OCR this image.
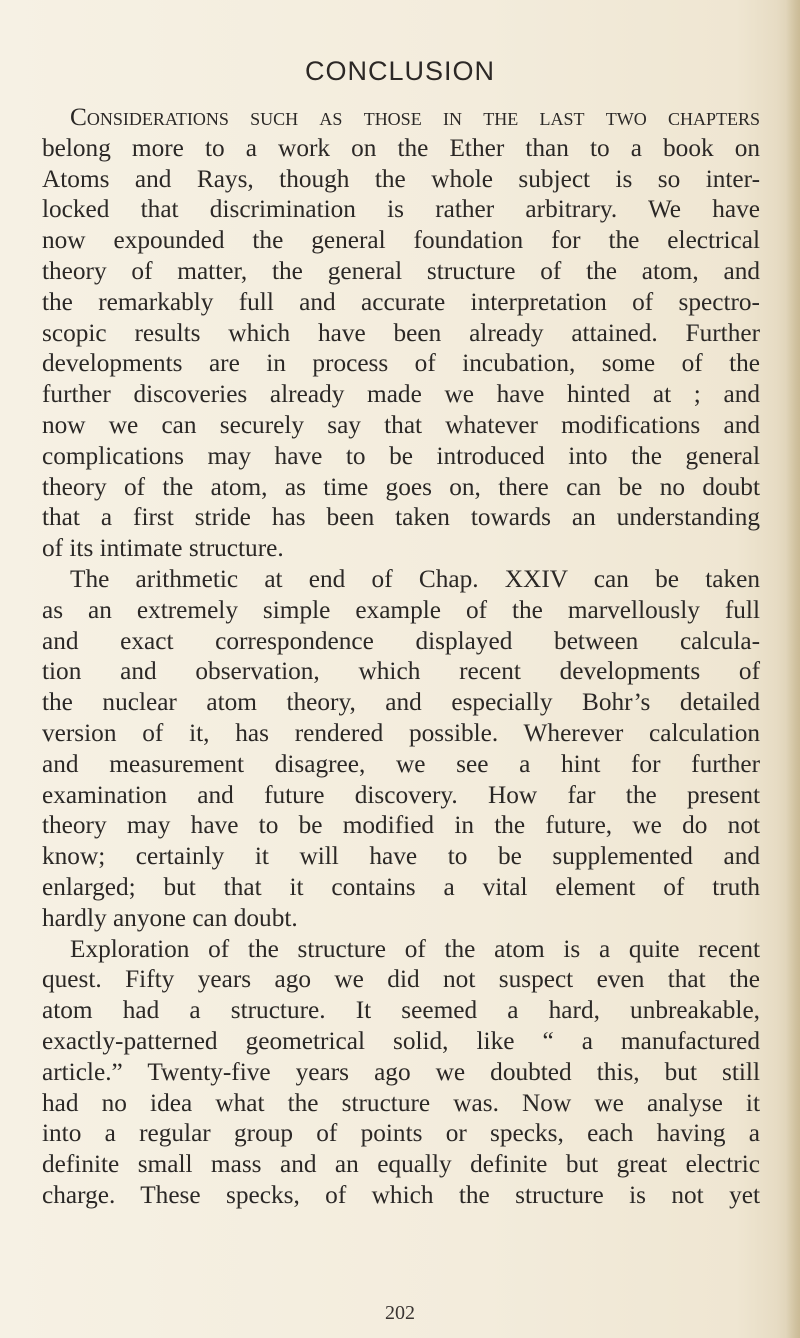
CONCLUSION

Considerations such as those in the last two chapters
belong more to a work on the Ether than to a book on
Atoms and Rays, though the whole subject is so inter-
locked that discrimination is rather arbitrary. We have
now expounded the general foundation for the electrical
theory of matter, the general structure of the atom, and
the remarkably full and accurate interpretation of spectro-
scopic results which have been already attained. Further
developments are in process of incubation, some of the
further discoveries already made we have hinted at ; and
now we can securely say that whatever modifications and
complications may have to be introduced into the general
theory of the atom, as time goes on, there can be no doubt
that a first stride has been taken towards an understanding
of its intimate structure.

The arithmetic at end of Chap. XXIV can be taken
as an extremely simple example of the marvellously full
and exact correspondence displayed between calcula-
tion and observation, which recent developments of
the nuclear atom theory, and especially Bohr’s detailed
version of it, has rendered possible. Wherever calculation
and measurement disagree, we see a hint for further
examination and future discovery. How far the present
theory may have to be modified in the future, we do not
know; certainly it will have to be supplemented and
enlarged; but that it contains a vital element of truth
hardly anyone can doubt.

Exploration of the structure of the atom is a quite recent
quest. Fifty years ago we did not suspect even that the
atom had a structure. It seemed a hard, unbreakable,
exactly-patterned geometrical solid, like “ a manufactured
article.” Twenty-five years ago we doubted this, but still
had no idea what the structure was. Now we analyse it
into a regular group of points or specks, each having a
definite small mass and an equally definite but great electric
charge. These specks, of which the structure is not yet

202
